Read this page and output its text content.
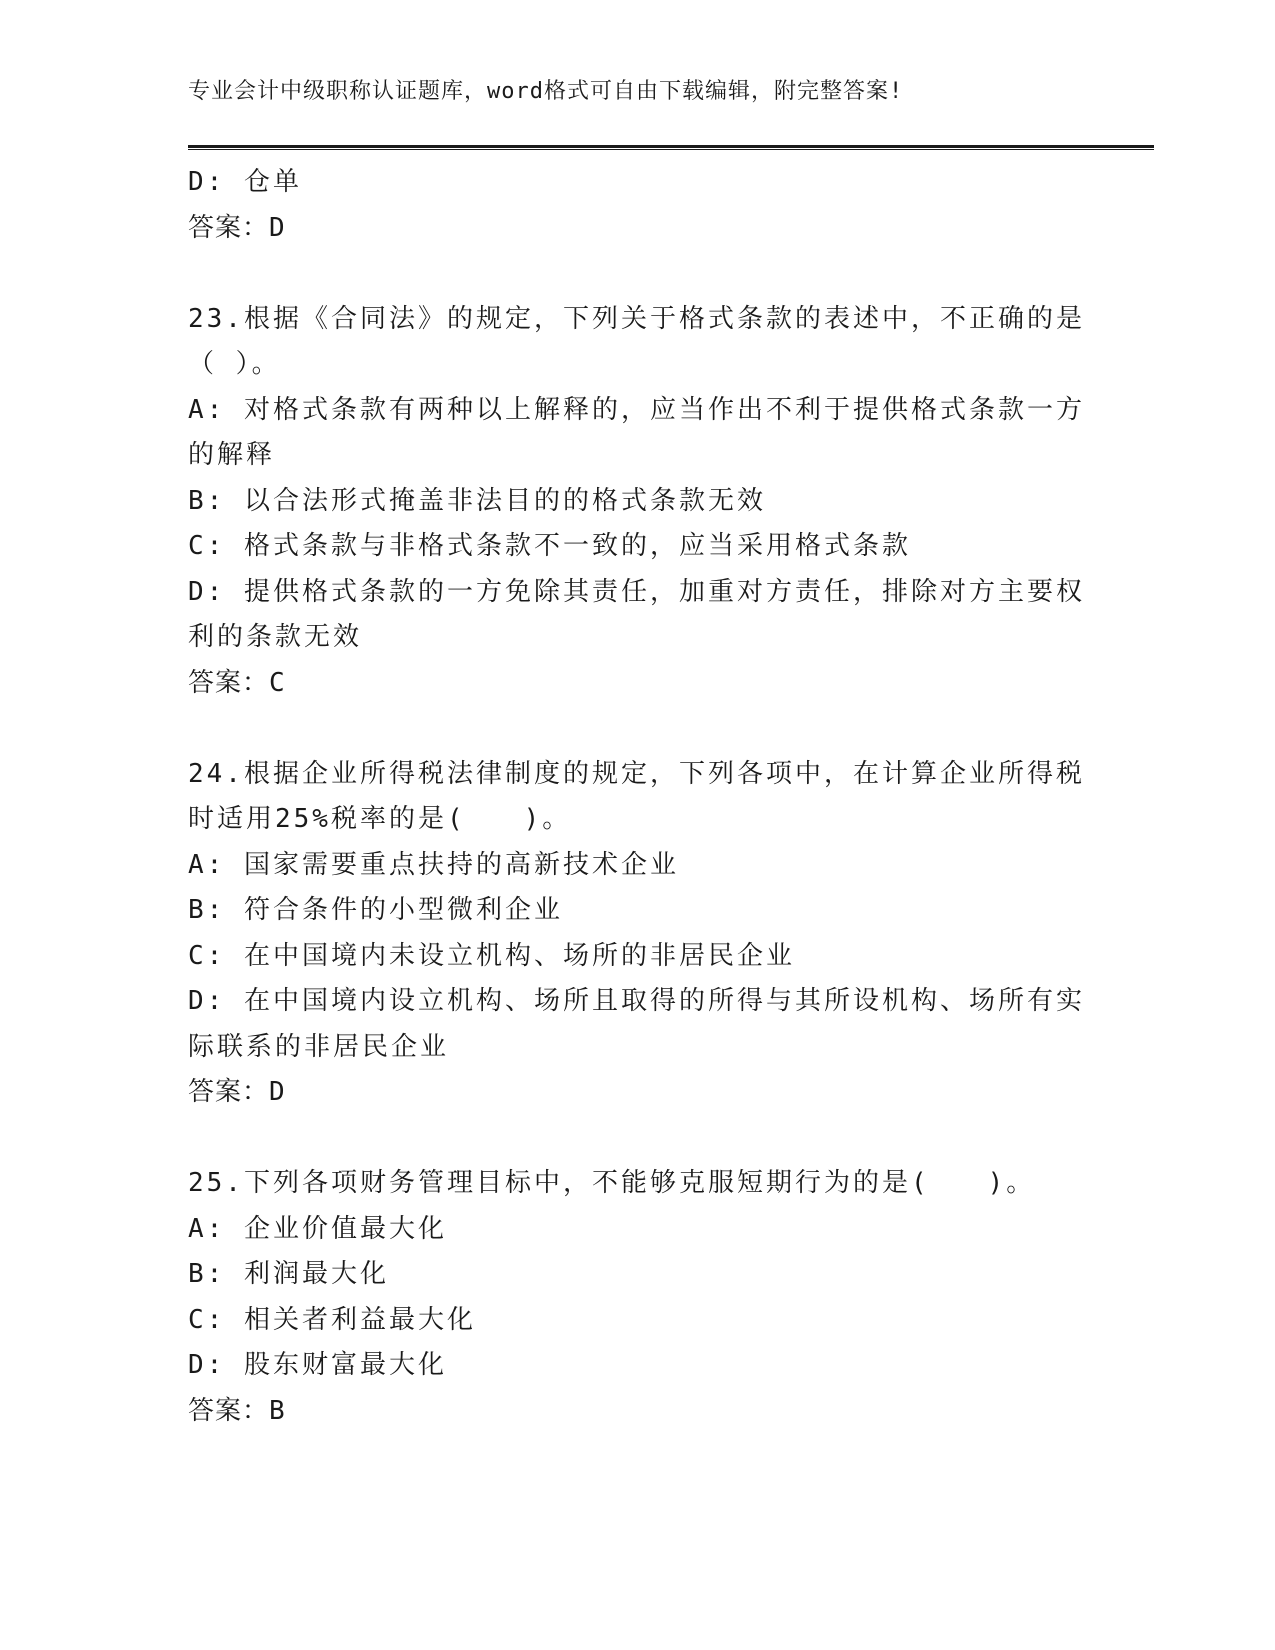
专业会计中级职称认证题库，word格式可自由下载编辑，附完整答案!
D: 仓单
答案：D
23.根据《合同法》的规定，下列关于格式条款的表述中，不正确的是
（ ）。
A: 对格式条款有两种以上解释的，应当作出不利于提供格式条款一方
的解释
B: 以合法形式掩盖非法目的的格式条款无效
C: 格式条款与非格式条款不一致的，应当采用格式条款
D: 提供格式条款的一方免除其责任，加重对方责任，排除对方主要权
利的条款无效
答案：C
24.根据企业所得税法律制度的规定，下列各项中，在计算企业所得税
时适用25%税率的是(　　)。
A: 国家需要重点扶持的高新技术企业
B: 符合条件的小型微利企业
C: 在中国境内未设立机构、场所的非居民企业
D: 在中国境内设立机构、场所且取得的所得与其所设机构、场所有实
际联系的非居民企业
答案：D
25.下列各项财务管理目标中，不能够克服短期行为的是(　　)。
A: 企业价值最大化
B: 利润最大化
C: 相关者利益最大化
D: 股东财富最大化
答案：B
